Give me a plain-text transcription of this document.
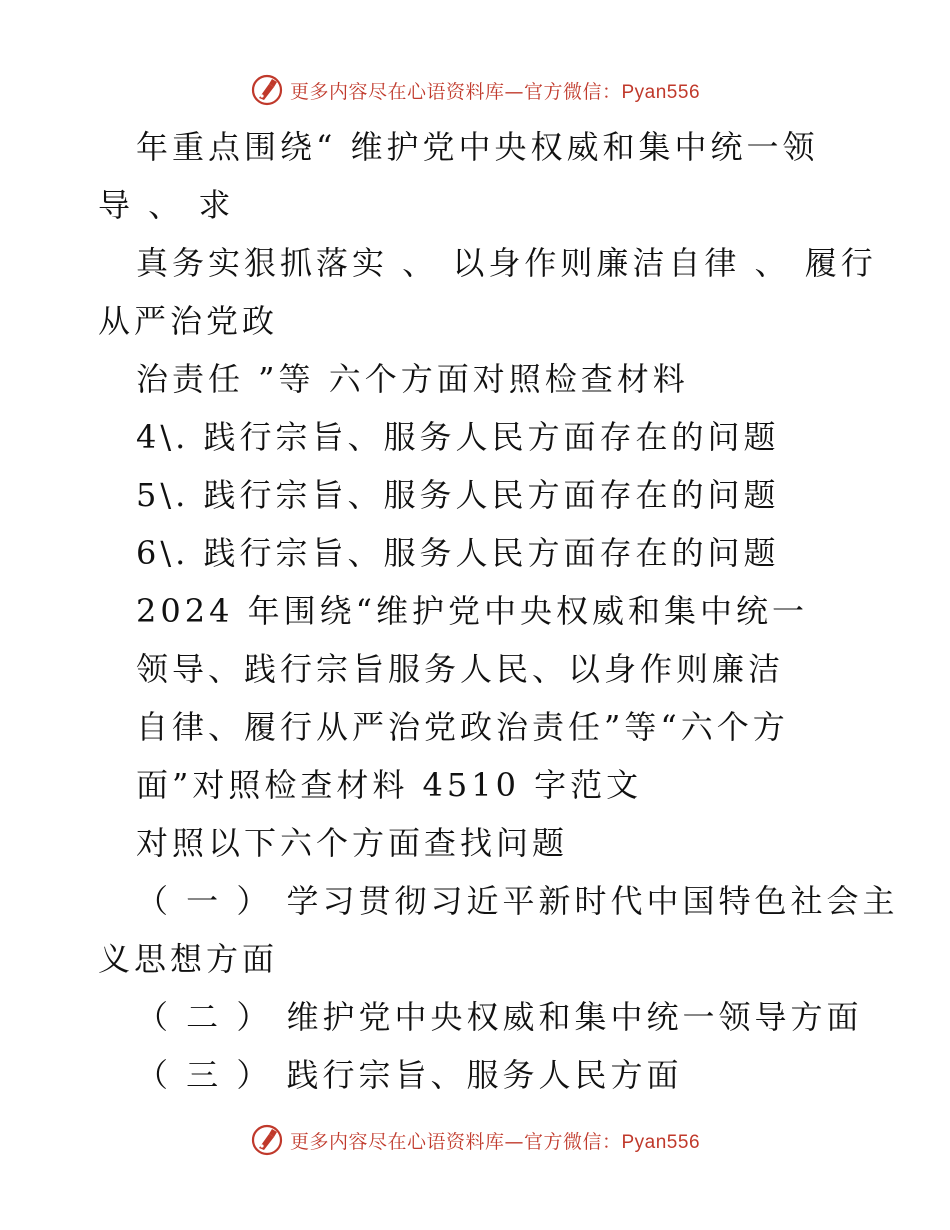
更多内容尽在心语资料库—官方微信：Pyan556
年重点围绕“ 维护党中央权威和集中统一领
导 、 求
真务实狠抓落实 、 以身作则廉洁自律 、 履行
从严治党政
治责任 ”等 六个方面对照检查材料
4\. 践行宗旨、服务人民方面存在的问题
5\. 践行宗旨、服务人民方面存在的问题
6\. 践行宗旨、服务人民方面存在的问题
2024 年围绕“维护党中央权威和集中统一
领导、践行宗旨服务人民、以身作则廉洁
自律、履行从严治党政治责任”等“六个方
面”对照检查材料 4510 字范文
对照以下六个方面查找问题
（ 一 ） 学习贯彻习近平新时代中国特色社会主
义思想方面
（ 二 ） 维护党中央权威和集中统一领导方面
（ 三 ） 践行宗旨、服务人民方面
更多内容尽在心语资料库—官方微信：Pyan556
